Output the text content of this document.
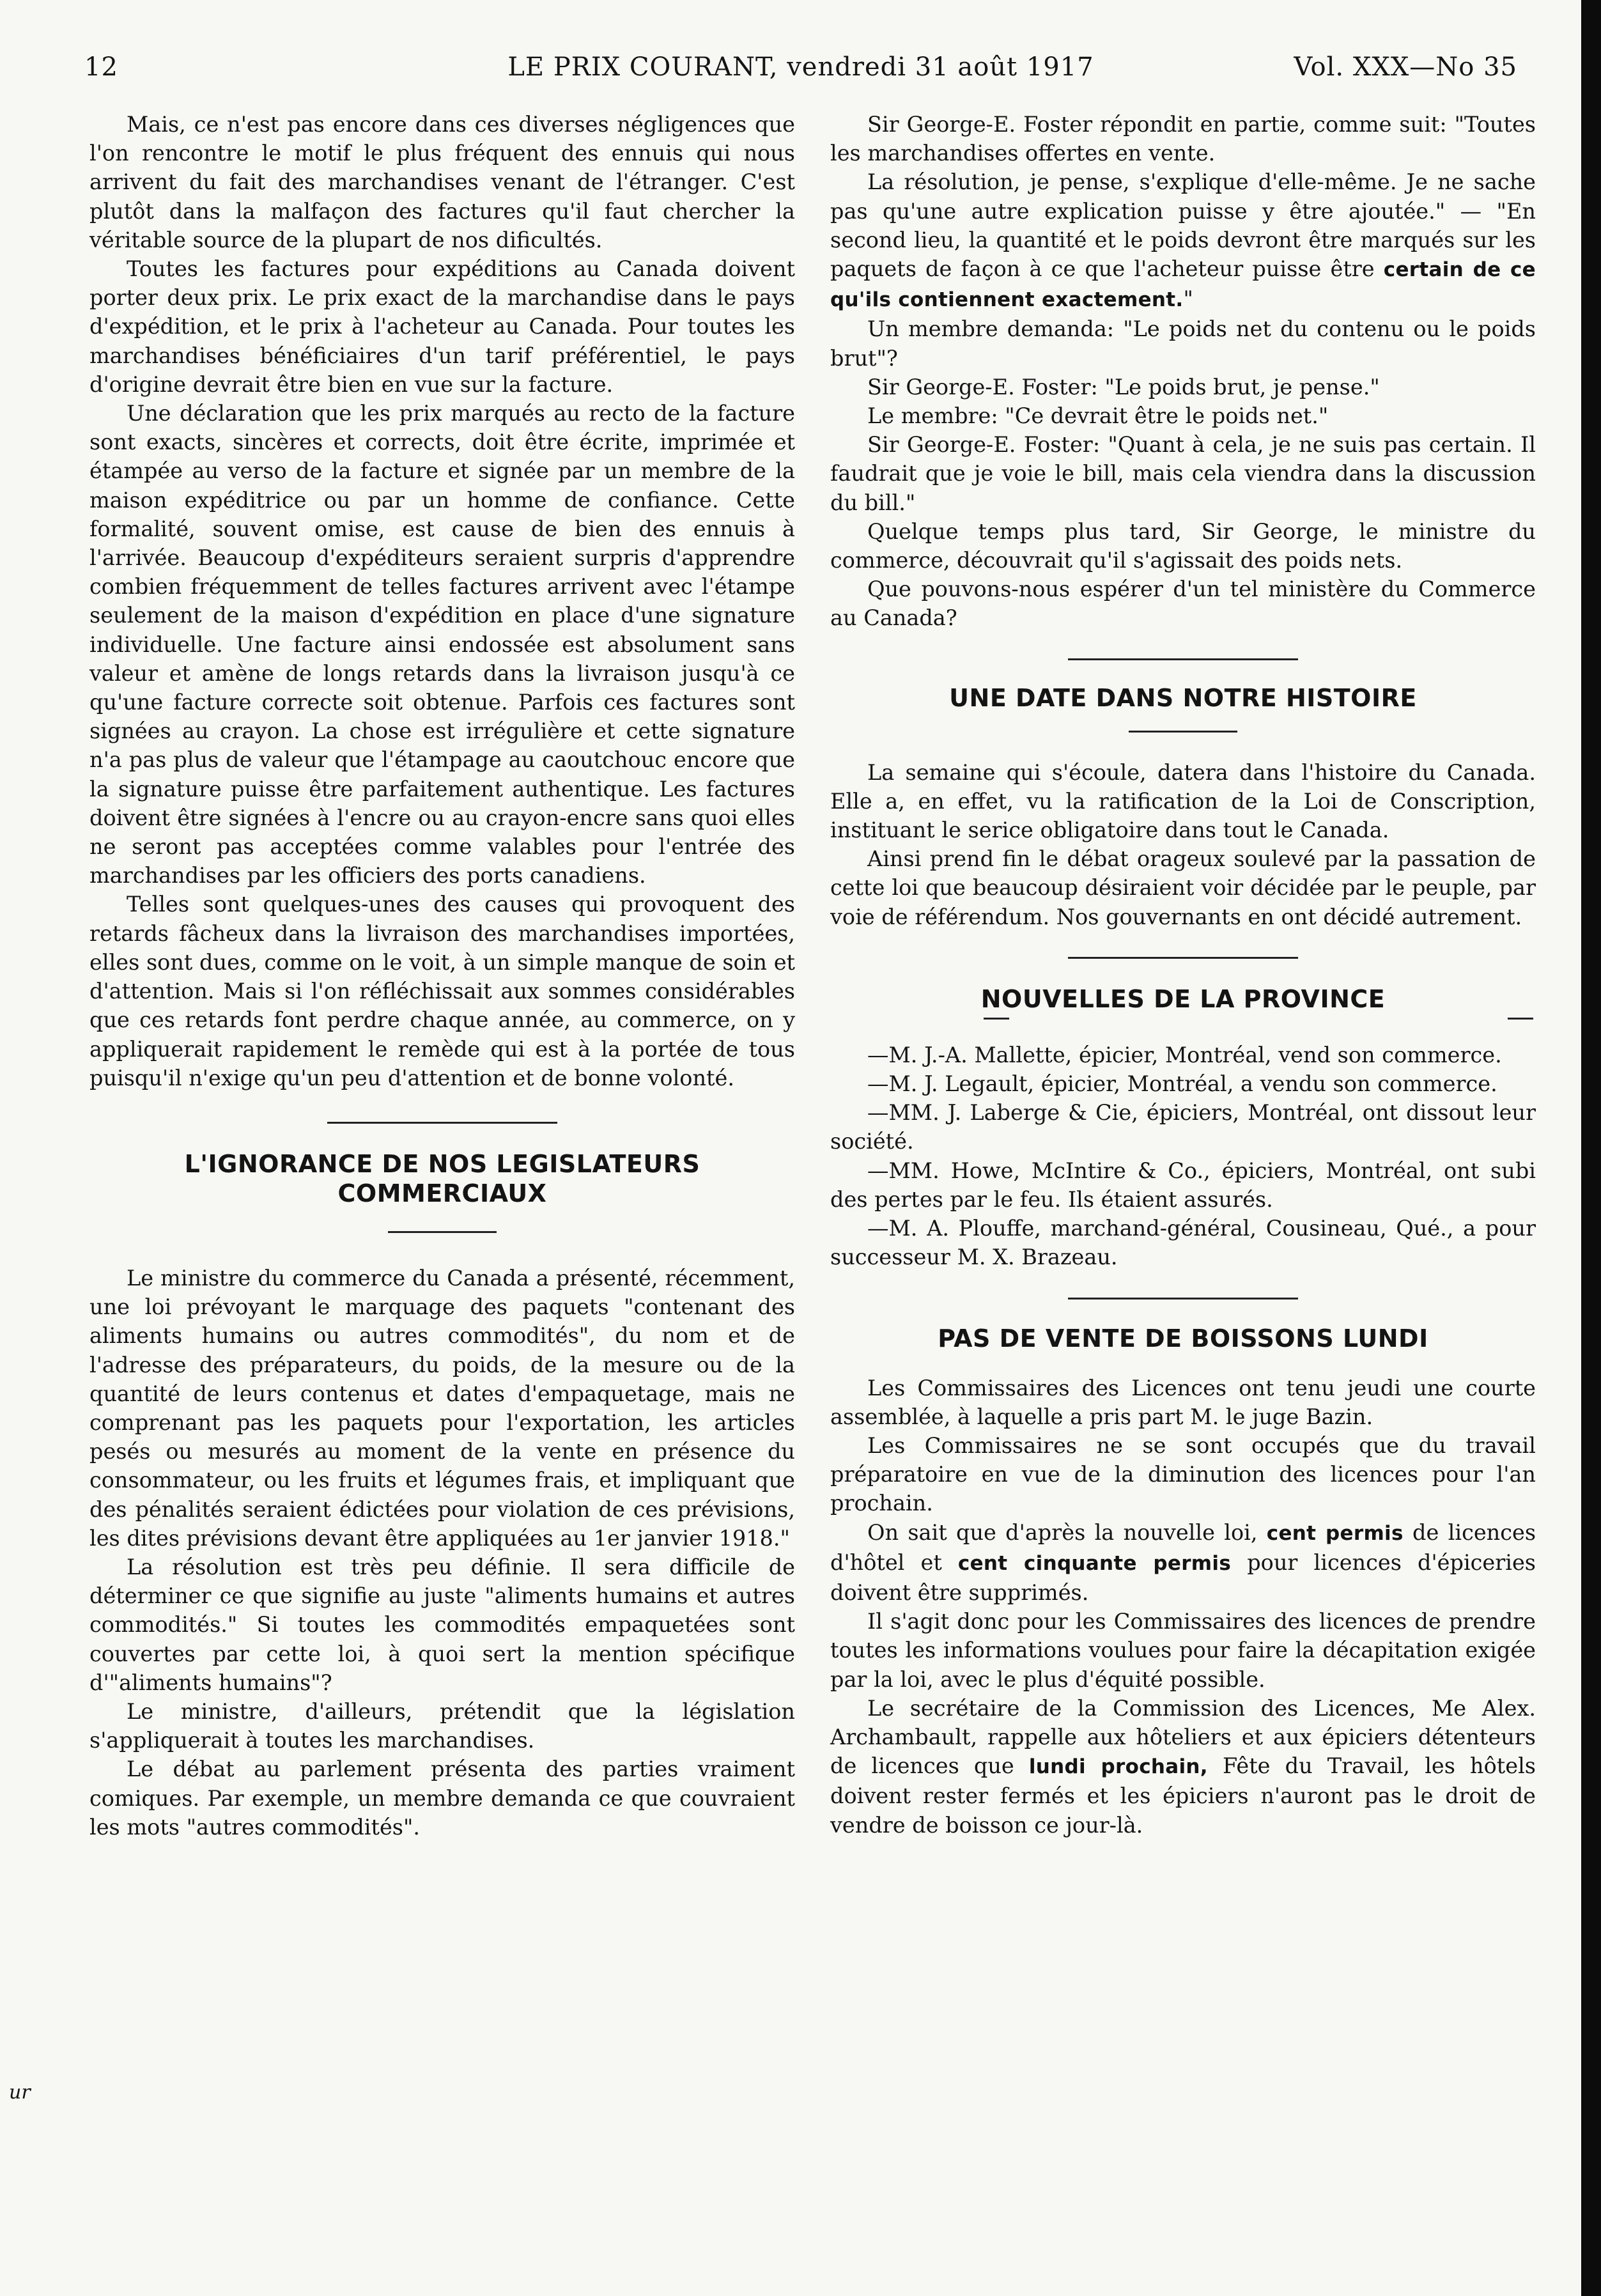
12	LE PRIX COURANT, vendredi 31 août 1917	Vol. XXX—No 35
ur

Mais, ce n'est pas encore dans ces diverses négligences que l'on rencontre le motif le plus fréquent des ennuis qui nous arrivent du fait des marchandises venant de l'étranger. C'est plutôt dans la malfaçon des factures qu'il faut chercher la véritable source de la plupart de nos dificultés.

Toutes les factures pour expéditions au Canada doivent porter deux prix. Le prix exact de la marchandise dans le pays d'expédition, et le prix à l'acheteur au Canada. Pour toutes les marchandises bénéficiaires d'un tarif préférentiel, le pays d'origine devrait être bien en vue sur la facture.

Une déclaration que les prix marqués au recto de la facture sont exacts, sincères et corrects, doit être écrite, imprimée et étampée au verso de la facture et signée par un membre de la maison expéditrice ou par un homme de confiance. Cette formalité, souvent omise, est cause de bien des ennuis à l'arrivée. Beaucoup d'expéditeurs seraient surpris d'apprendre combien fréquemment de telles factures arrivent avec l'étampe seulement de la maison d'expédition en place d'une signature individuelle. Une facture ainsi endossée est absolument sans valeur et amène de longs retards dans la livraison jusqu'à ce qu'une facture correcte soit obtenue. Parfois ces factures sont signées au crayon. La chose est irrégulière et cette signature n'a pas plus de valeur que l'étampage au caoutchouc encore que la signature puisse être parfaitement authentique. Les factures doivent être signées à l'encre ou au crayon-encre sans quoi elles ne seront pas acceptées comme valables pour l'entrée des marchandises par les officiers des ports canadiens.

Telles sont quelques-unes des causes qui provoquent des retards fâcheux dans la livraison des marchandises importées, elles sont dues, comme on le voit, à un simple manque de soin et d'attention. Mais si l'on réfléchissait aux sommes considérables que ces retards font perdre chaque année, au commerce, on y appliquerait rapidement le remède qui est à la portée de tous puisqu'il n'exige qu'un peu d'attention et de bonne volonté.

L'IGNORANCE DE NOS LEGISLATEURS COMMERCIAUX

Le ministre du commerce du Canada a présenté, récemment, une loi prévoyant le marquage des paquets "contenant des aliments humains ou autres commodités", du nom et de l'adresse des préparateurs, du poids, de la mesure ou de la quantité de leurs contenus et dates d'empaquetage, mais ne comprenant pas les paquets pour l'exportation, les articles pesés ou mesurés au moment de la vente en présence du consommateur, ou les fruits et légumes frais, et impliquant que des pénalités seraient édictées pour violation de ces prévisions, les dites prévisions devant être appliquées au 1er janvier 1918."

La résolution est très peu définie. Il sera difficile de déterminer ce que signifie au juste "aliments humains et autres commodités." Si toutes les commodités empaquetées sont couvertes par cette loi, à quoi sert la mention spécifique d'"aliments humains"?

Le ministre, d'ailleurs, prétendit que la législation s'appliquerait à toutes les marchandises.

Le débat au parlement présenta des parties vraiment comiques. Par exemple, un membre demanda ce que couvraient les mots "autres commodités".

Sir George-E. Foster répondit en partie, comme suit: "Toutes les marchandises offertes en vente.

La résolution, je pense, s'explique d'elle-même. Je ne sache pas qu'une autre explication puisse y être ajoutée." — "En second lieu, la quantité et le poids devront être marqués sur les paquets de façon à ce que l'acheteur puisse être certain de ce qu'ils contiennent exactement."

Un membre demanda: "Le poids net du contenu ou le poids brut"?

Sir George-E. Foster: "Le poids brut, je pense."

Le membre: "Ce devrait être le poids net."

Sir George-E. Foster: "Quant à cela, je ne suis pas certain. Il faudrait que je voie le bill, mais cela viendra dans la discussion du bill."

Quelque temps plus tard, Sir George, le ministre du commerce, découvrait qu'il s'agissait des poids nets.

Que pouvons-nous espérer d'un tel ministère du Commerce au Canada?

UNE DATE DANS NOTRE HISTOIRE

La semaine qui s'écoule, datera dans l'histoire du Canada. Elle a, en effet, vu la ratification de la Loi de Conscription, instituant le serice obligatoire dans tout le Canada.

Ainsi prend fin le débat orageux soulevé par la passation de cette loi que beaucoup désiraient voir décidée par le peuple, par voie de référendum. Nos gouvernants en ont décidé autrement.

NOUVELLES DE LA PROVINCE

—M. J.-A. Mallette, épicier, Montréal, vend son commerce.

—M. J. Legault, épicier, Montréal, a vendu son commerce.

—MM. J. Laberge & Cie, épiciers, Montréal, ont dissout leur société.

—MM. Howe, McIntire & Co., épiciers, Montréal, ont subi des pertes par le feu. Ils étaient assurés.

—M. A. Plouffe, marchand-général, Cousineau, Qué., a pour successeur M. X. Brazeau.

PAS DE VENTE DE BOISSONS LUNDI

Les Commissaires des Licences ont tenu jeudi une courte assemblée, à laquelle a pris part M. le juge Bazin.

Les Commissaires ne se sont occupés que du travail préparatoire en vue de la diminution des licences pour l'an prochain.

On sait que d'après la nouvelle loi, cent permis de licences d'hôtel et cent cinquante permis pour licences d'épiceries doivent être supprimés.

Il s'agit donc pour les Commissaires des licences de prendre toutes les informations voulues pour faire la décapitation exigée par la loi, avec le plus d'équité possible.

Le secrétaire de la Commission des Licences, Me Alex. Archambault, rappelle aux hôteliers et aux épiciers détenteurs de licences que lundi prochain, Fête du Travail, les hôtels doivent rester fermés et les épiciers n'auront pas le droit de vendre de boisson ce jour-là.
